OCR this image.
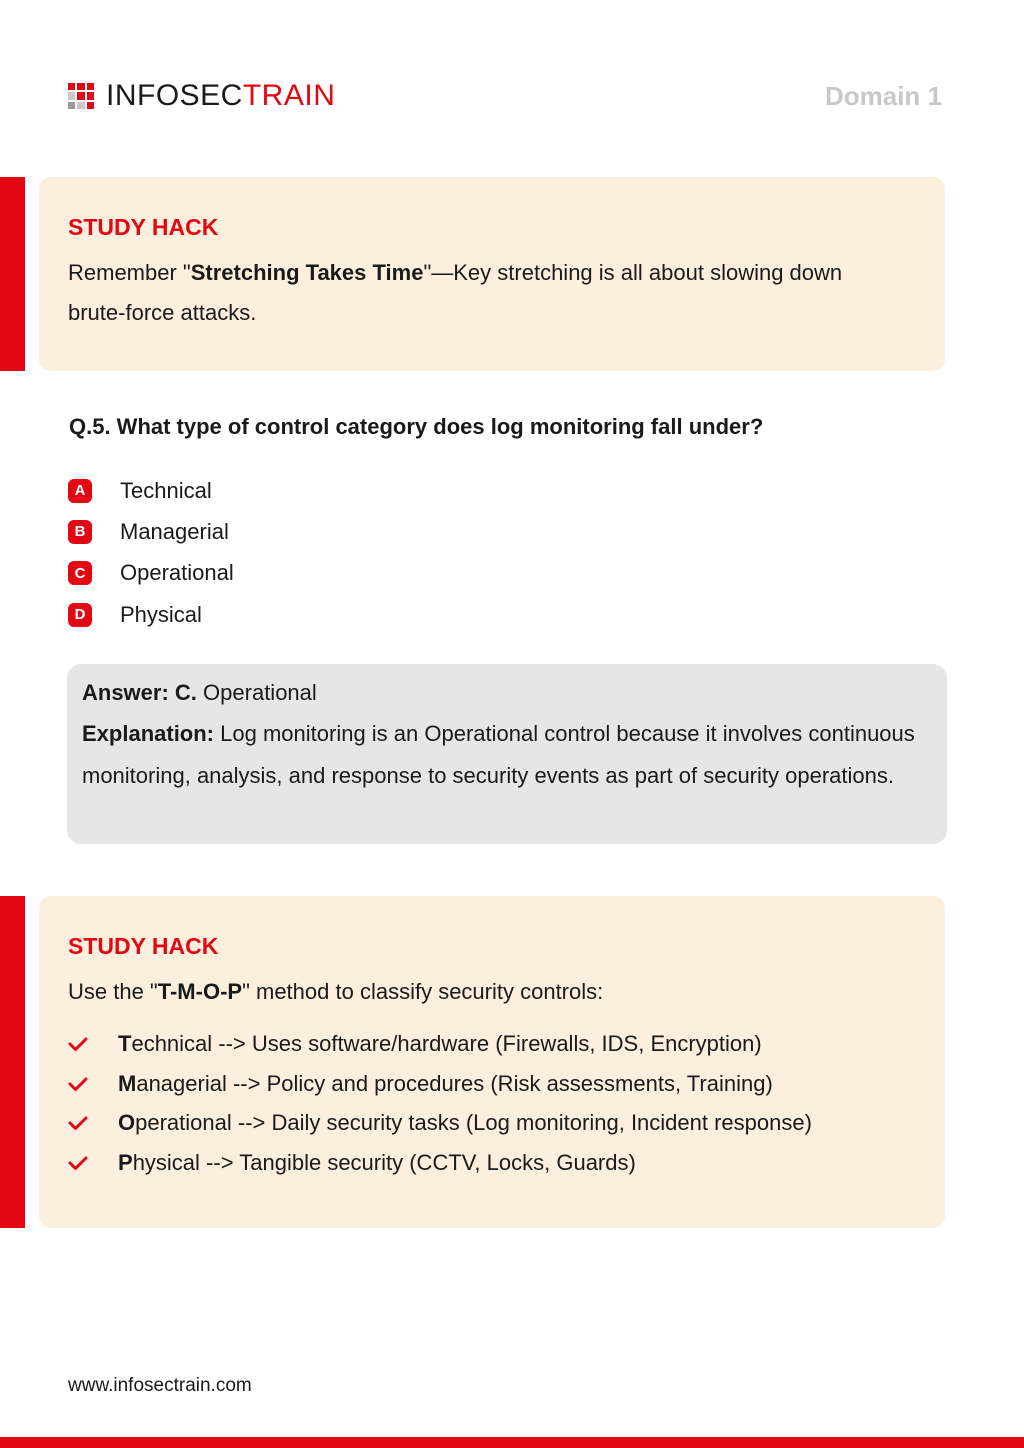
INFOSECTRAIN	Domain 1
STUDY HACK
Remember "Stretching Takes Time"—Key stretching is all about slowing down brute-force attacks.
Q.5. What type of control category does log monitoring fall under?
A Technical
B Managerial
C Operational
D Physical
Answer: C. Operational
Explanation: Log monitoring is an Operational control because it involves continuous monitoring, analysis, and response to security events as part of security operations.
STUDY HACK
Use the "T-M-O-P" method to classify security controls:
Technical --> Uses software/hardware (Firewalls, IDS, Encryption)
Managerial --> Policy and procedures (Risk assessments, Training)
Operational --> Daily security tasks (Log monitoring, Incident response)
Physical --> Tangible security (CCTV, Locks, Guards)
www.infosectrain.com
